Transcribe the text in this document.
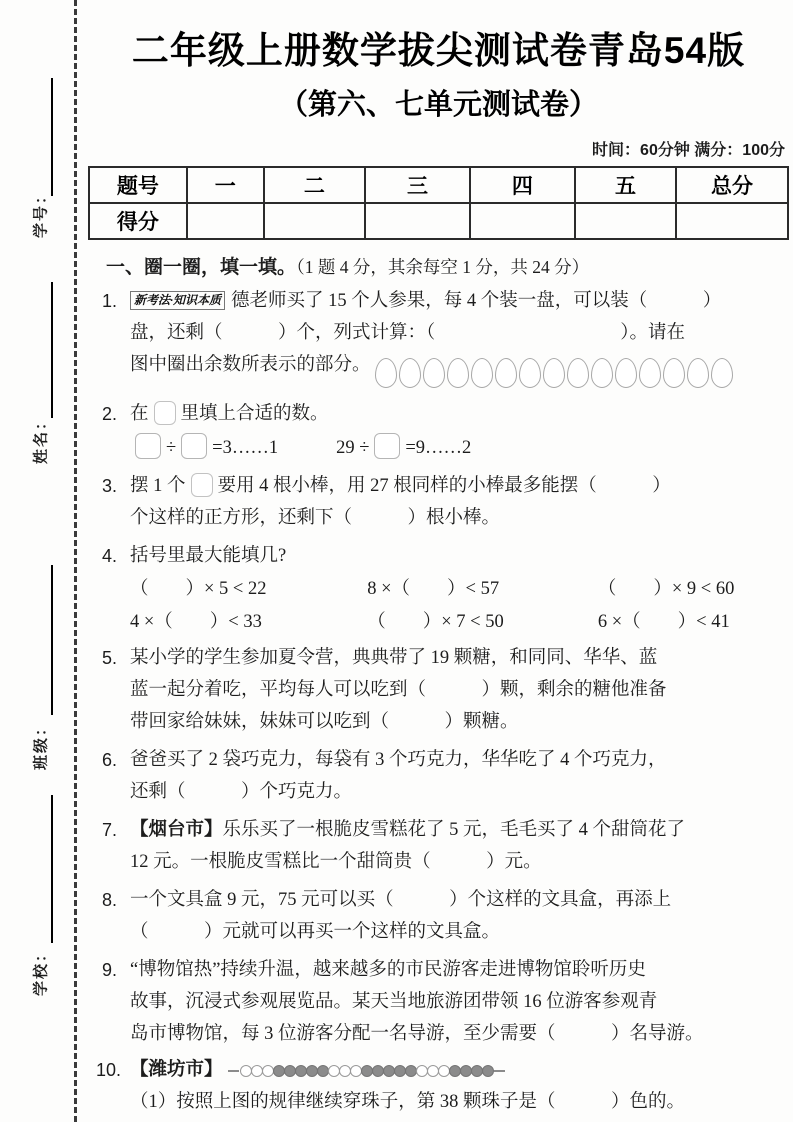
学号：
姓名：
班级：
学校：
二年级上册数学拔尖测试卷青岛54版
（第六、七单元测试卷）
时间：60分钟 满分：100分
题号	一	二	三	四	五	总分
得分						
一、圈一圈，填一填。（1 题 4 分，其余每空 1 分，共 24 分）
1.	新考法·知识本质 德老师买了 15 个人参果，每 4 个装一盘，可以装（　　　）
盘，还剩（　　　）个，列式计算：（　　　　　　　　　　）。请在
图中圈出余数所表示的部分。
2. 在 里填上合适的数。
÷ =3……1	29 ÷ =9……2
3. 摆 1 个 要用 4 根小棒，用 27 根同样的小棒最多能摆（　　　）
个这样的正方形，还剩下（　　　）根小棒。
4. 括号里最大能填几?
（　　）× 5 < 22	8 ×（　　）< 57	（　　）× 9 < 60
4 ×（　　）< 33	（　　）× 7 < 50	6 ×（　　）< 41
5. 某小学的学生参加夏令营，典典带了 19 颗糖，和同同、华华、蓝
蓝一起分着吃，平均每人可以吃到（　　　）颗，剩余的糖他准备
带回家给妹妹，妹妹可以吃到（　　　）颗糖。
6. 爸爸买了 2 袋巧克力，每袋有 3 个巧克力，华华吃了 4 个巧克力，
还剩（　　　）个巧克力。
7. 【烟台市】乐乐买了一根脆皮雪糕花了 5 元，毛毛买了 4 个甜筒花了
12 元。一根脆皮雪糕比一个甜筒贵（　　　）元。
8. 一个文具盒 9 元，75 元可以买（　　　）个这样的文具盒，再添上
（　　　）元就可以再买一个这样的文具盒。
9. “博物馆热”持续升温，越来越多的市民游客走进博物馆聆听历史
故事，沉浸式参观展览品。某天当地旅游团带领 16 位游客参观青
岛市博物馆，每 3 位游客分配一名导游，至少需要（　　　）名导游。
10. 【潍坊市】
（1）按照上图的规律继续穿珠子，第 38 颗珠子是（　　　）色的。
